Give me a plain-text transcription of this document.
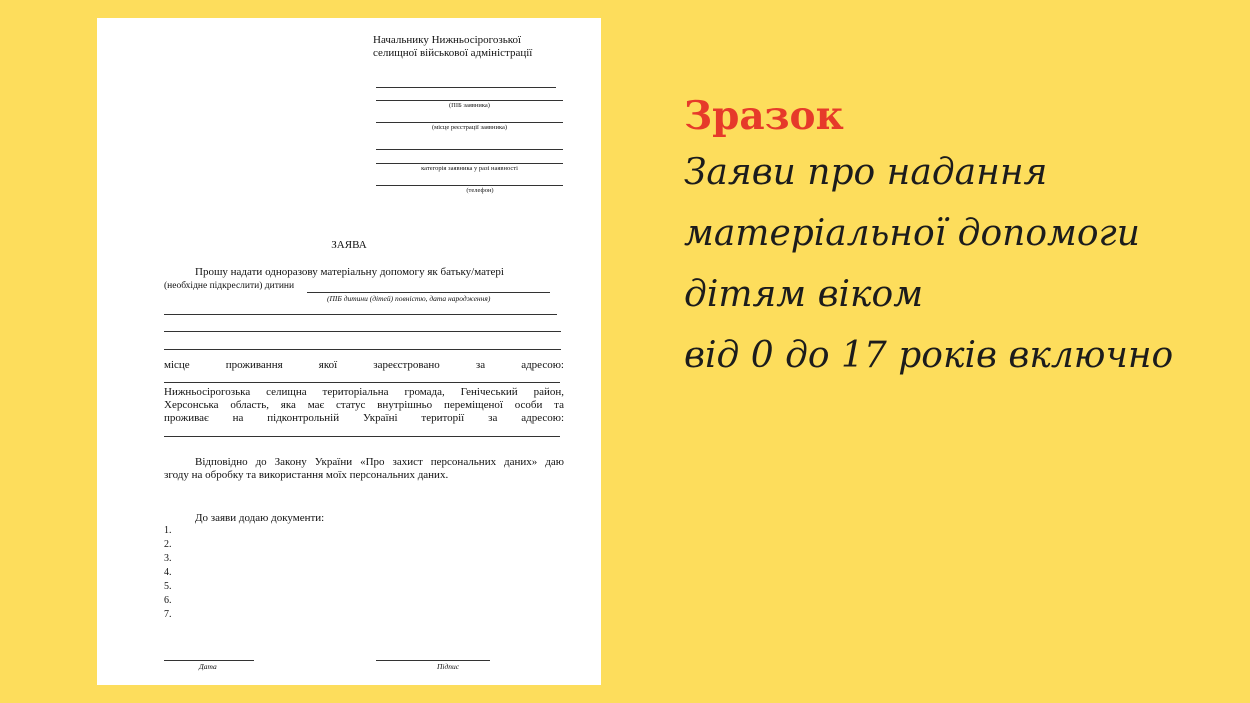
Начальнику Нижньосірогозької
селищної військової адміністрації
(ПІБ заявника)
(місце реєстрації заявника)
категорія заявника у разі наявності
(телефон)
ЗАЯВА
Прошу надати одноразову матеріальну допомогу як батьку/матері
(необхідне підкреслити) дитини
(ПІБ дитини (дітей) повністю, дата народження)
місце проживання якої зареєстровано за адресою:
Нижньосірогозька селищна територіальна громада, Генічеський район,
Херсонська область, яка має статус внутрішньо переміщеної особи та
проживає на підконтрольній Україні території за адресою:
Відповідно до Закону України «Про захист персональних даних» даю
згоду на обробку та використання моїх персональних даних.
До заяви додаю документи:
1.
2.
3.
4.
5.
6.
7.
Дата	Підпис
Зразок
Заяви про надання
матеріальної допомоги
дітям віком
від 0 до 17 років включно
